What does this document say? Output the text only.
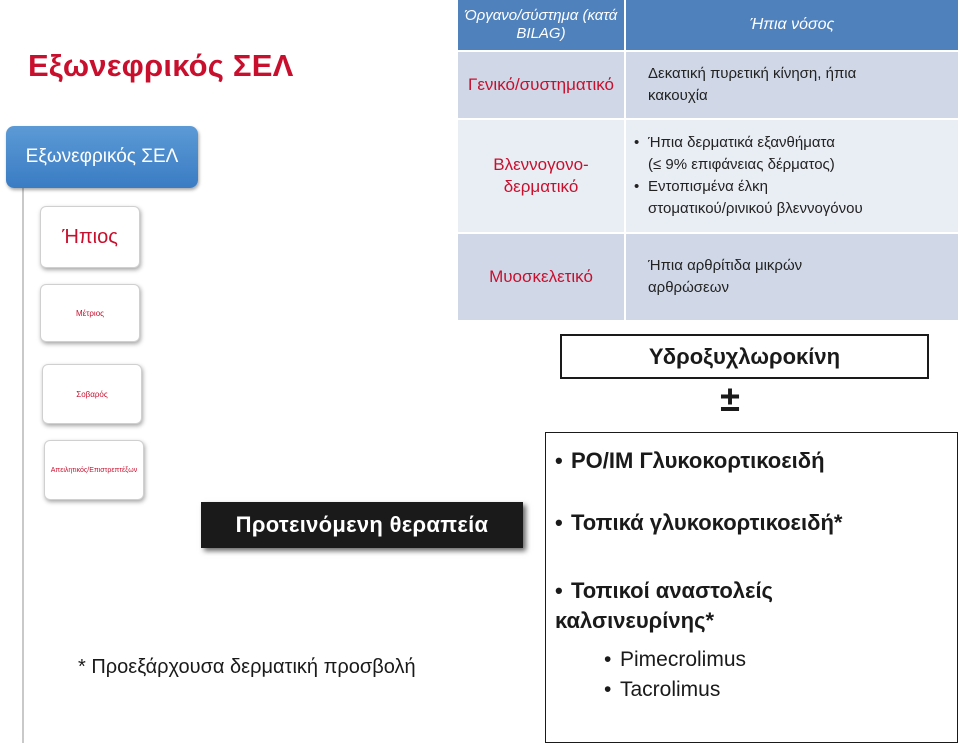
Εξωνεφρικός ΣΕΛ
Εξωνεφρικός ΣΕΛ
Ήπιος
Μέτριος
Σοβαρός
Απειλητικός/Επιστρεπτέξων
Όργανο/σύστημα (κατά BILAG)
Ήπια νόσος
Γενικό/συστηματικό
Δεκατική πυρετική κίνηση, ήπια
κακουχία
Βλεννογονο-δερματικό
• Ήπια δερματικά εξανθήματα
(≤ 9% επιφάνειας δέρματος)
• Εντοπισμένα έλκη
στοματικού/ρινικού βλεννογόνου
Μυοσκελετικό
Ήπια αρθρίτιδα μικρών
αρθρώσεων
Προτεινόμενη θεραπεία
Υδροξυχλωροκίνη
±
• PO/IM Γλυκοκορτικοειδή
• Τοπικά γλυκοκορτικοειδή*
• Τοπικοί αναστολείς καλσινευρίνης*
• Pimecrolimus
• Tacrolimus
* Προεξάρχουσα δερματική προσβολή
